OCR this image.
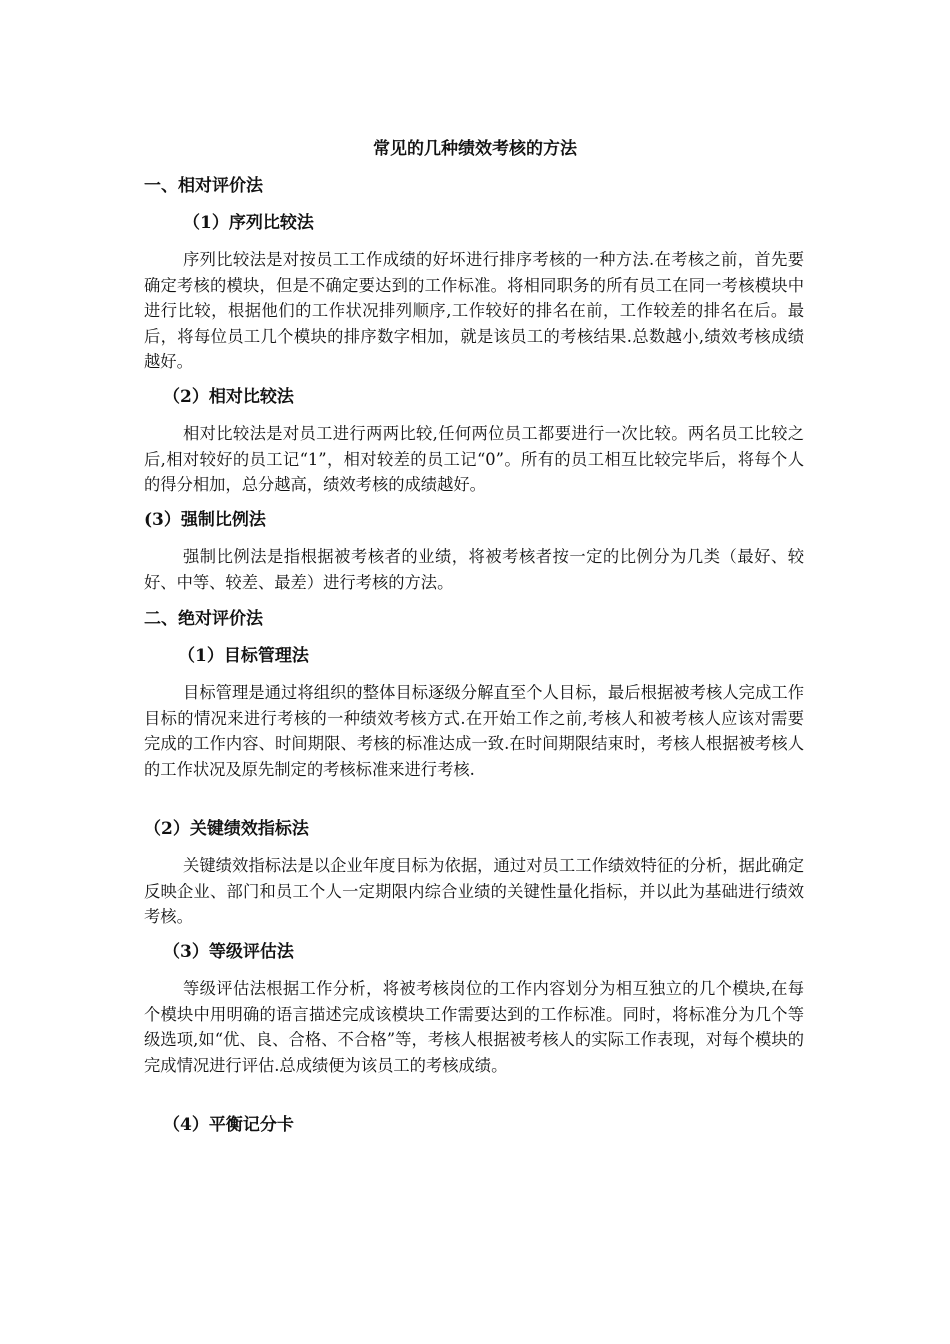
常见的几种绩效考核的方法
一、相对评价法
（1）序列比较法

序列比较法是对按员工工作成绩的好坏进行排序考核的一种方法.在考核之前，首先要确定考核的模块，但是不确定要达到的工作标准。将相同职务的所有员工在同一考核模块中进行比较，根据他们的工作状况排列顺序,工作较好的排名在前，工作较差的排名在后。最后，将每位员工几个模块的排序数字相加，就是该员工的考核结果.总数越小,绩效考核成绩越好。

（2）相对比较法

相对比较法是对员工进行两两比较,任何两位员工都要进行一次比较。两名员工比较之后,相对较好的员工记“1”，相对较差的员工记“0”。所有的员工相互比较完毕后，将每个人的得分相加，总分越高，绩效考核的成绩越好。

(3）强制比例法

强制比例法是指根据被考核者的业绩，将被考核者按一定的比例分为几类（最好、较好、中等、较差、最差）进行考核的方法。

二、绝对评价法
（1）目标管理法

目标管理是通过将组织的整体目标逐级分解直至个人目标，最后根据被考核人完成工作目标的情况来进行考核的一种绩效考核方式.在开始工作之前,考核人和被考核人应该对需要完成的工作内容、时间期限、考核的标准达成一致.在时间期限结束时，考核人根据被考核人的工作状况及原先制定的考核标准来进行考核.

（2）关键绩效指标法

关键绩效指标法是以企业年度目标为依据，通过对员工工作绩效特征的分析，据此确定反映企业、部门和员工个人一定期限内综合业绩的关键性量化指标，并以此为基础进行绩效考核。

（3）等级评估法

等级评估法根据工作分析，将被考核岗位的工作内容划分为相互独立的几个模块,在每个模块中用明确的语言描述完成该模块工作需要达到的工作标准。同时，将标准分为几个等级选项,如“优、良、合格、不合格”等，考核人根据被考核人的实际工作表现，对每个模块的完成情况进行评估.总成绩便为该员工的考核成绩。

（4）平衡记分卡
